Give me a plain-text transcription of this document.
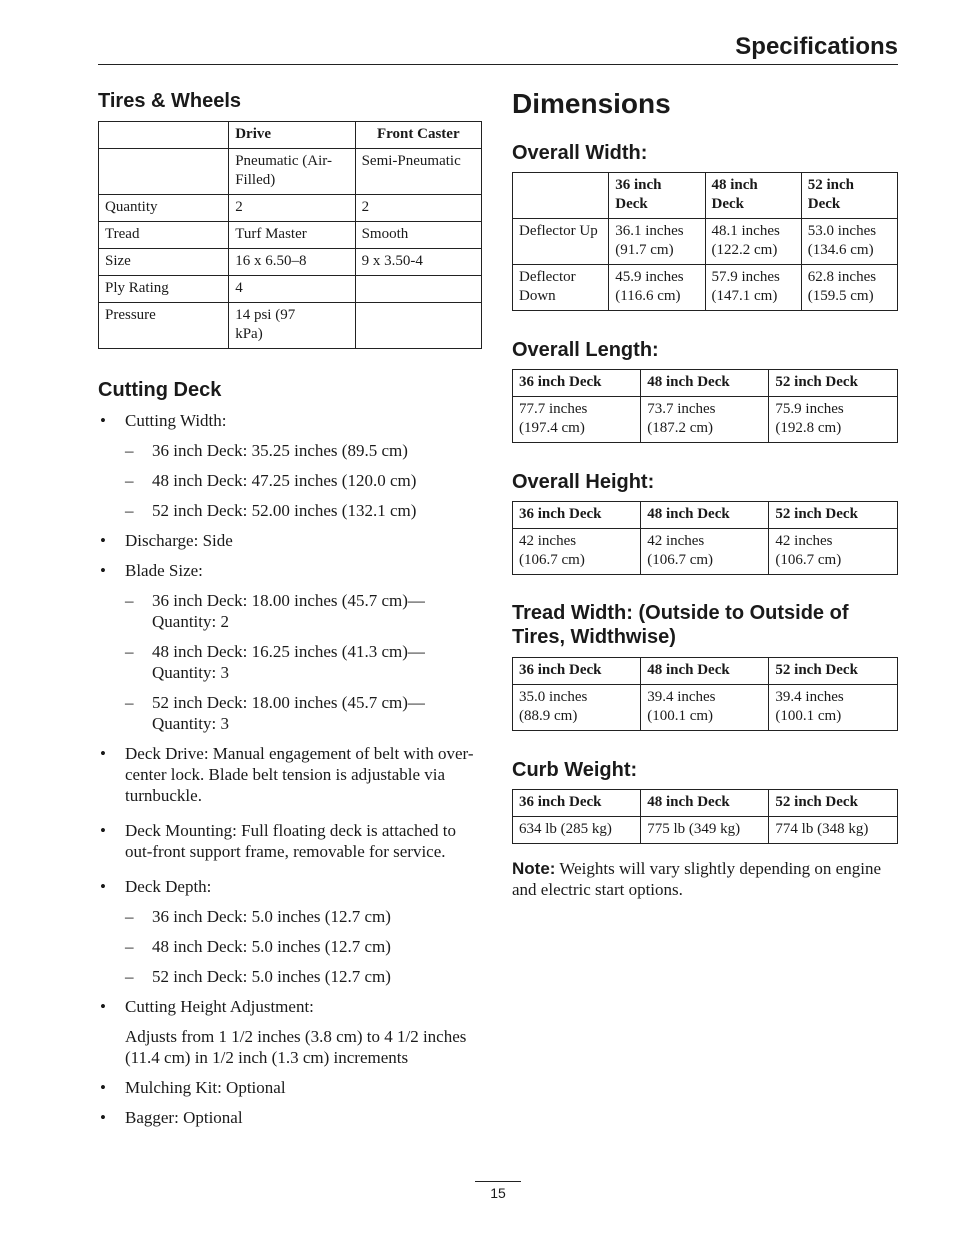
Specifications
Tires & Wheels
	Drive	Front Caster
	Pneumatic (Air-Filled)	Semi-Pneumatic
Quantity	2	2
Tread	Turf Master	Smooth
Size	16 x 6.50–8	9 x 3.50-4
Ply Rating	4	
Pressure	14 psi (97 kPa)	
Cutting Deck
• Cutting Width:
– 36 inch Deck: 35.25 inches (89.5 cm)
– 48 inch Deck: 47.25 inches (120.0 cm)
– 52 inch Deck: 52.00 inches (132.1 cm)
• Discharge: Side
• Blade Size:
– 36 inch Deck: 18.00 inches (45.7 cm)—Quantity: 2
– 48 inch Deck: 16.25 inches (41.3 cm)—Quantity: 3
– 52 inch Deck: 18.00 inches (45.7 cm)—Quantity: 3
• Deck Drive: Manual engagement of belt with over-center lock. Blade belt tension is adjustable via turnbuckle.
• Deck Mounting: Full floating deck is attached to out-front support frame, removable for service.
• Deck Depth:
– 36 inch Deck: 5.0 inches (12.7 cm)
– 48 inch Deck: 5.0 inches (12.7 cm)
– 52 inch Deck: 5.0 inches (12.7 cm)
• Cutting Height Adjustment:
Adjusts from 1 1/2 inches (3.8 cm) to 4 1/2 inches (11.4 cm) in 1/2 inch (1.3 cm) increments
• Mulching Kit: Optional
• Bagger: Optional
Dimensions
Overall Width:
	36 inch Deck	48 inch Deck	52 inch Deck
Deflector Up	36.1 inches (91.7 cm)	48.1 inches (122.2 cm)	53.0 inches (134.6 cm)
Deflector Down	45.9 inches (116.6 cm)	57.9 inches (147.1 cm)	62.8 inches (159.5 cm)
Overall Length:
36 inch Deck	48 inch Deck	52 inch Deck
77.7 inches (197.4 cm)	73.7 inches (187.2 cm)	75.9 inches (192.8 cm)
Overall Height:
36 inch Deck	48 inch Deck	52 inch Deck
42 inches (106.7 cm)	42 inches (106.7 cm)	42 inches (106.7 cm)
Tread Width: (Outside to Outside of Tires, Widthwise)
36 inch Deck	48 inch Deck	52 inch Deck
35.0 inches (88.9 cm)	39.4 inches (100.1 cm)	39.4 inches (100.1 cm)
Curb Weight:
36 inch Deck	48 inch Deck	52 inch Deck
634 lb (285 kg)	775 lb (349 kg)	774 lb (348 kg)
Note: Weights will vary slightly depending on engine and electric start options.
15
